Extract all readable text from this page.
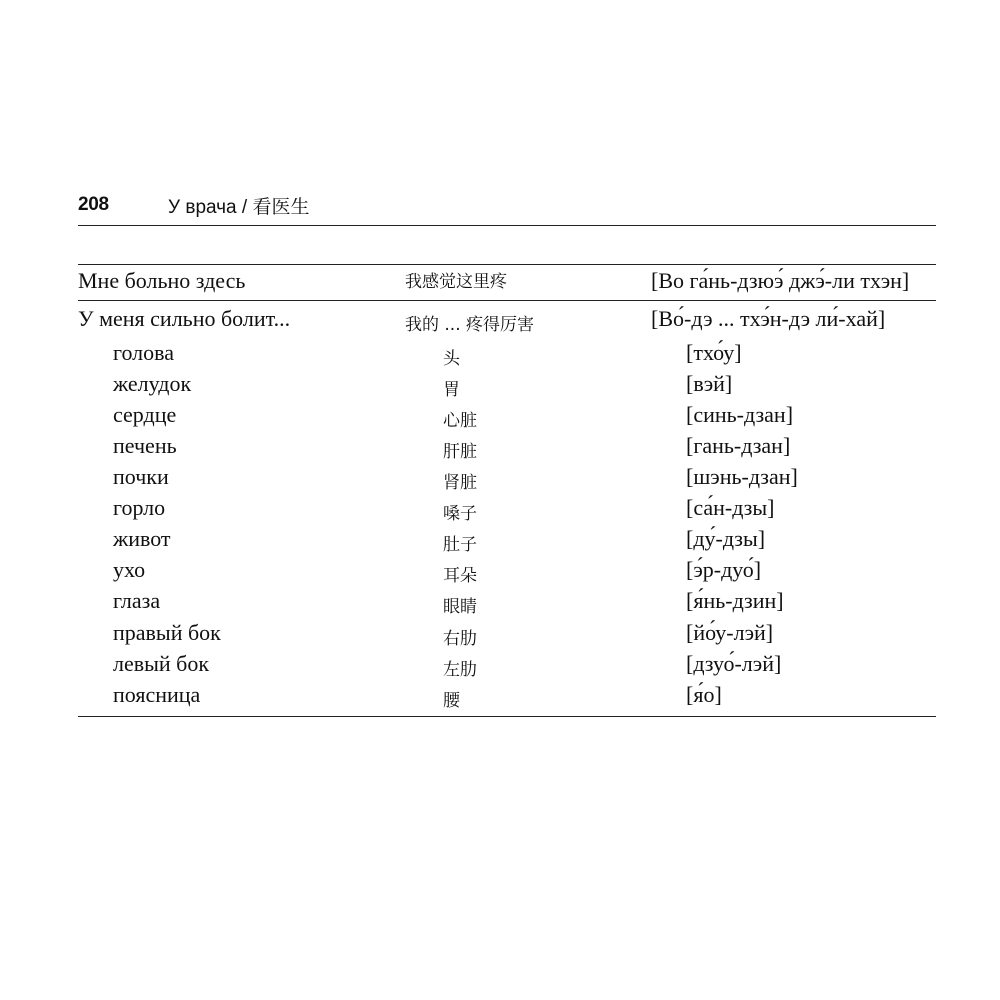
208	У врача / 看医生
Мне больно здесь	我感觉这里疼	[Во га́нь-дзюэ́ джэ́-ли тхэн]
У меня сильно болит...	我的 ... 疼得厉害	[Во́-дэ ... тхэ́н-дэ ли́-хай]
голова	头	[тхо́у]
желудок	胃	[вэй]
сердце	心脏	[синь-дзан]
печень	肝脏	[гань-дзан]
почки	肾脏	[шэнь-дзан]
горло	嗓子	[са́н-дзы]
живот	肚子	[ду́-дзы]
ухо	耳朵	[э́р-дуо́]
глаза	眼睛	[я́нь-дзин]
правый бок	右肋	[йо́у-лэй]
левый бок	左肋	[дзуо́-лэй]
поясница	腰	[я́о]
